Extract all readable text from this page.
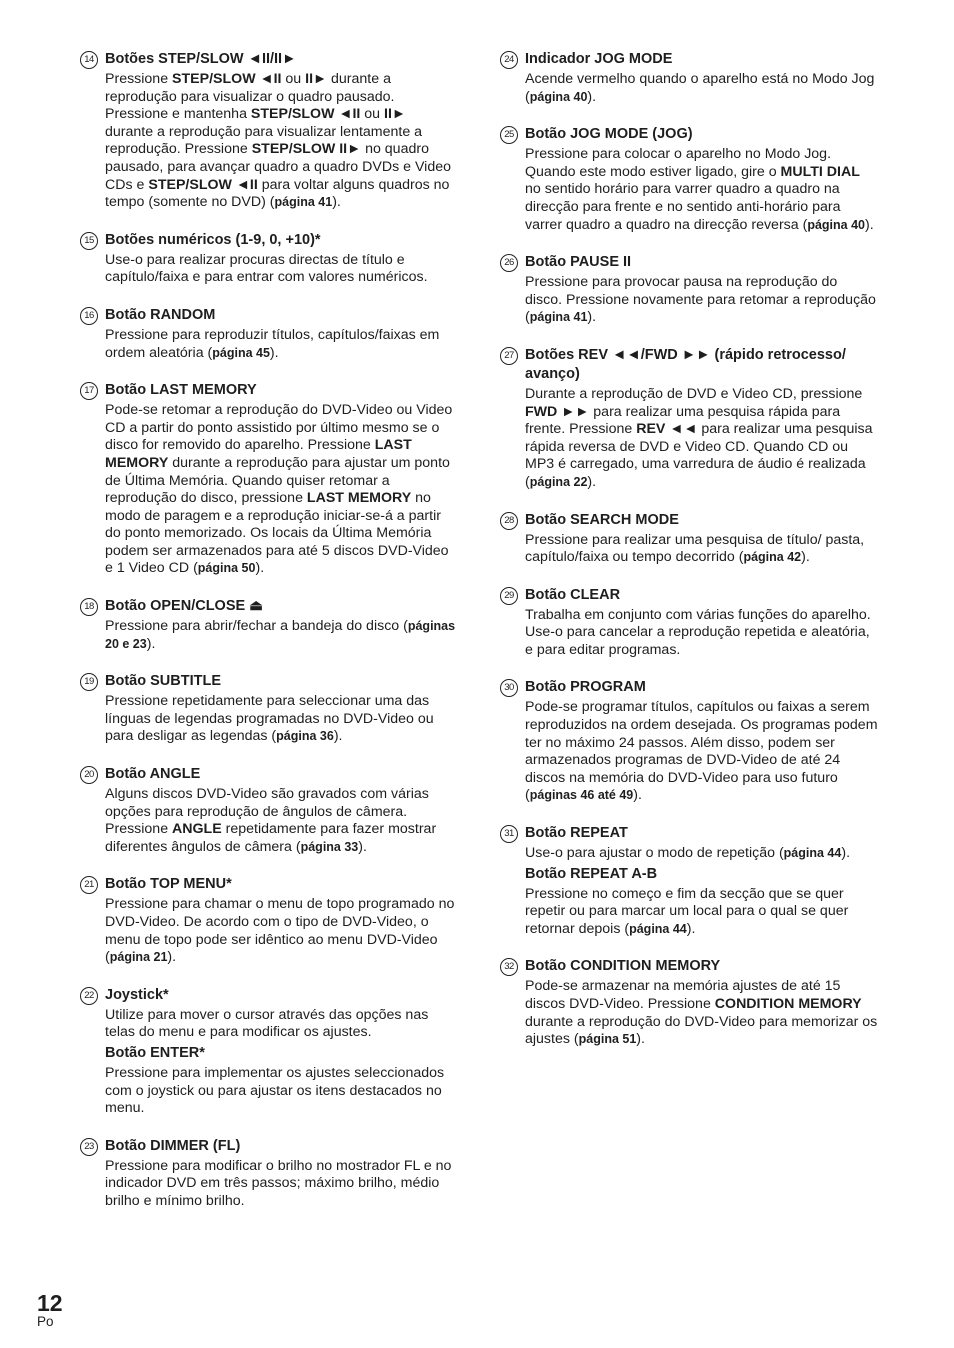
14 Botões STEP/SLOW ◄II/II►

Pressione STEP/SLOW ◄II ou II► durante a reprodução para visualizar o quadro pausado. Pressione e mantenha STEP/SLOW ◄II ou II► durante a reprodução para visualizar lentamente a reprodução. Pressione STEP/SLOW II► no quadro pausado, para avançar quadro a quadro DVDs e Video CDs e STEP/SLOW ◄II para voltar alguns quadros no tempo (somente no DVD) (página 41).

15 Botões numéricos (1-9, 0, +10)*

Use-o para realizar procuras directas de título e capítulo/faixa e para entrar com valores numéricos.

16 Botão RANDOM

Pressione para reproduzir títulos, capítulos/faixas em ordem aleatória (página 45).

17 Botão LAST MEMORY

Pode-se retomar a reprodução do DVD-Video ou Video CD a partir do ponto assistido por último mesmo se o disco for removido do aparelho. Pressione LAST MEMORY durante a reprodução para ajustar um ponto de Última Memória. Quando quiser retomar a reprodução do disco, pressione LAST MEMORY no modo de paragem e a reprodução iniciar-se-á a partir do ponto memorizado. Os locais da Última Memória podem ser armazenados para até 5 discos DVD-Video e 1 Video CD (página 50).

18 Botão OPEN/CLOSE ⏏

Pressione para abrir/fechar a bandeja do disco (páginas 20 e 23).

19 Botão SUBTITLE

Pressione repetidamente para seleccionar uma das línguas de legendas programadas no DVD-Video ou para desligar as legendas (página 36).

20 Botão ANGLE

Alguns discos DVD-Video são gravados com várias opções para reprodução de ângulos de câmera. Pressione ANGLE repetidamente para fazer mostrar diferentes ângulos de câmera (página 33).

21 Botão TOP MENU*

Pressione para chamar o menu de topo programado no DVD-Video. De acordo com o tipo de DVD-Video, o menu de topo pode ser idêntico ao menu DVD-Video (página 21).

22 Joystick*

Utilize para mover o cursor através das opções nas telas do menu e para modificar os ajustes.

Botão ENTER*

Pressione para implementar os ajustes seleccionados com o joystick ou para ajustar os itens destacados no menu.

23 Botão DIMMER (FL)

Pressione para modificar o brilho no mostrador FL e no indicador DVD em três passos; máximo brilho, médio brilho e mínimo brilho.

24 Indicador JOG MODE

Acende vermelho quando o aparelho está no Modo Jog (página 40).

25 Botão JOG MODE (JOG)

Pressione para colocar o aparelho no Modo Jog. Quando este modo estiver ligado, gire o MULTI DIAL no sentido horário para varrer quadro a quadro na direcção para frente e no sentido anti-horário para varrer quadro a quadro na direcção reversa (página 40).

26 Botão PAUSE II

Pressione para provocar pausa na reprodução do disco. Pressione novamente para retomar a reprodução (página 41).

27 Botões REV ◄◄/FWD ►► (rápido retrocesso/ avanço)

Durante a reprodução de DVD e Video CD, pressione FWD ►► para realizar uma pesquisa rápida para frente. Pressione REV ◄◄ para realizar uma pesquisa rápida reversa de DVD e Video CD. Quando CD ou MP3 é carregado, uma varredura de áudio é realizada (página 22).

28 Botão SEARCH MODE

Pressione para realizar uma pesquisa de título/ pasta, capítulo/faixa ou tempo decorrido (página 42).

29 Botão CLEAR

Trabalha em conjunto com várias funções do aparelho. Use-o para cancelar a reprodução repetida e aleatória, e para editar programas.

30 Botão PROGRAM

Pode-se programar títulos, capítulos ou faixas a serem reproduzidos na ordem desejada. Os programas podem ter no máximo 24 passos. Além disso, podem ser armazenados programas de DVD-Video de até 24 discos na memória do DVD-Video para uso futuro (páginas 46 até 49).

31 Botão REPEAT

Use-o para ajustar o modo de repetição (página 44).

Botão REPEAT A-B

Pressione no começo e fim da secção que se quer repetir ou para marcar um local para o qual se quer retornar depois (página 44).

32 Botão CONDITION MEMORY

Pode-se armazenar na memória ajustes de até 15 discos DVD-Video. Pressione CONDITION MEMORY durante a reprodução do DVD-Video para memorizar os ajustes (página 51).

12
Po
